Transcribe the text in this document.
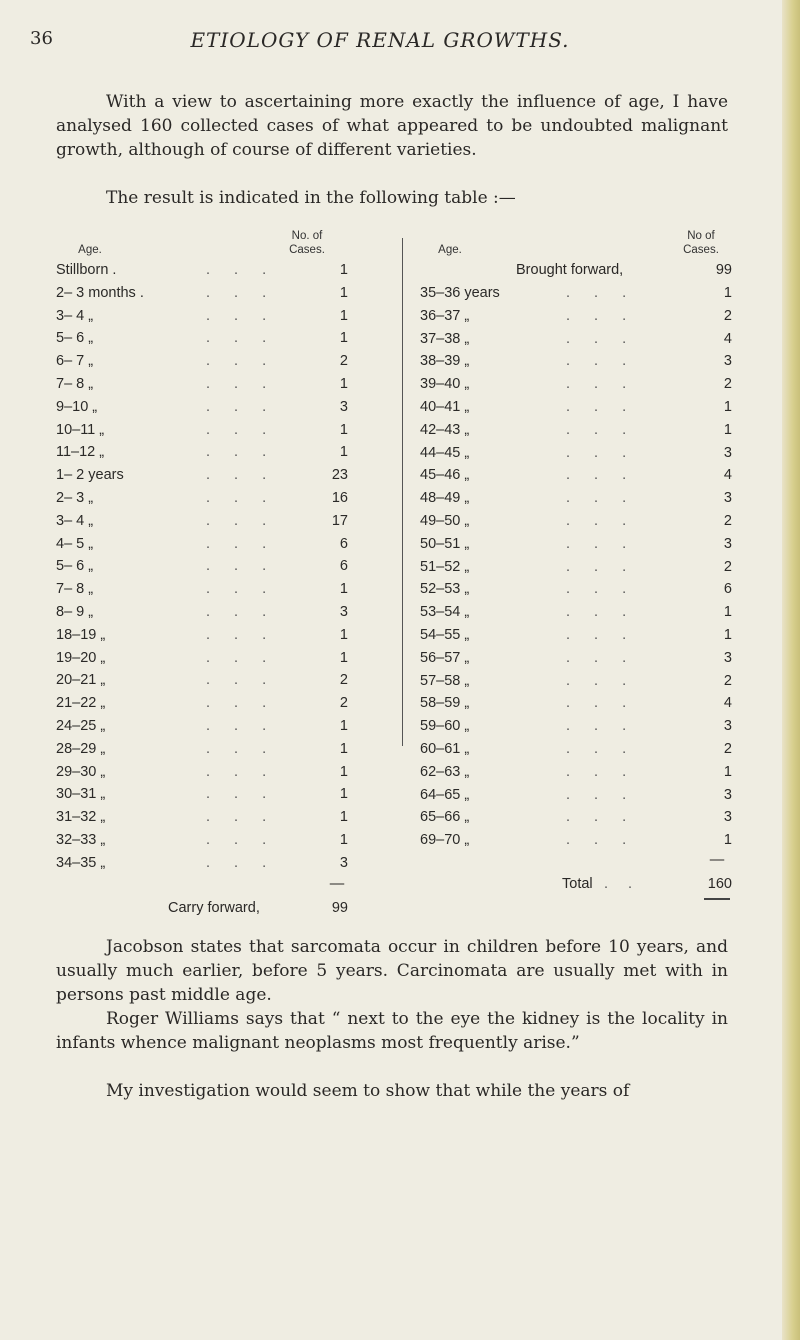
36	ETIOLOGY OF RENAL GROWTHS.

With a view to ascertaining more exactly the influence of age, I have analysed 160 collected cases of what appeared to be undoubted malignant growth, although of course of different varieties.

The result is indicated in the following table :—

Age.
No. of
Cases.	Age.
No of
Cases.
Stillborn .	. . .	1
2– 3 months .	. . .	1
3– 4 „	. . .	1
5– 6 „	. . .	1
6– 7 „	. . .	2
7– 8 „	. . .	1
9–10 „	. . .	3
10–11 „	. . .	1
11–12 „	. . .	1
1– 2 years	. . .	23
2– 3 „	. . .	16
3– 4 „	. . .	17
4– 5 „	. . .	6
5– 6 „	. . .	6
7– 8 „	. . .	1
8– 9 „	. . .	3
18–19 „	. . .	1
19–20 „	. . .	1
20–21 „	. . .	2
21–22 „	. . .	2
24–25 „	. . .	1
28–29 „	. . .	1
29–30 „	. . .	1
30–31 „	. . .	1
31–32 „	. . .	1
32–33 „	. . .	1
34–35 „	. . .	3
Brought forward,	99
35–36 years	. . .	1
36–37 „	. . .	2
37–38 „	. . .	4
38–39 „	. . .	3
39–40 „	. . .	2
40–41 „	. . .	1
42–43 „	. . .	1
44–45 „	. . .	3
45–46 „	. . .	4
48–49 „	. . .	3
49–50 „	. . .	2
50–51 „	. . .	3
51–52 „	. . .	2
52–53 „	. . .	6
53–54 „	. . .	1
54–55 „	. . .	1
56–57 „	. . .	3
57–58 „	. . .	2
58–59 „	. . .	4
59–60 „	. . .	3
60–61 „	. . .	2
62–63 „	. . .	1
64–65 „	. . .	3
65–66 „	. . .	3
69–70 „	. . .	1
—
Carry forward,	99
—
Total . .	160

Jacobson states that sarcomata occur in children before 10 years, and usually much earlier, before 5 years. Carcinomata are usually met with in persons past middle age.

Roger Williams says that “ next to the eye the kidney is the locality in infants whence malignant neoplasms most frequently arise.”

My investigation would seem to show that while the years of
